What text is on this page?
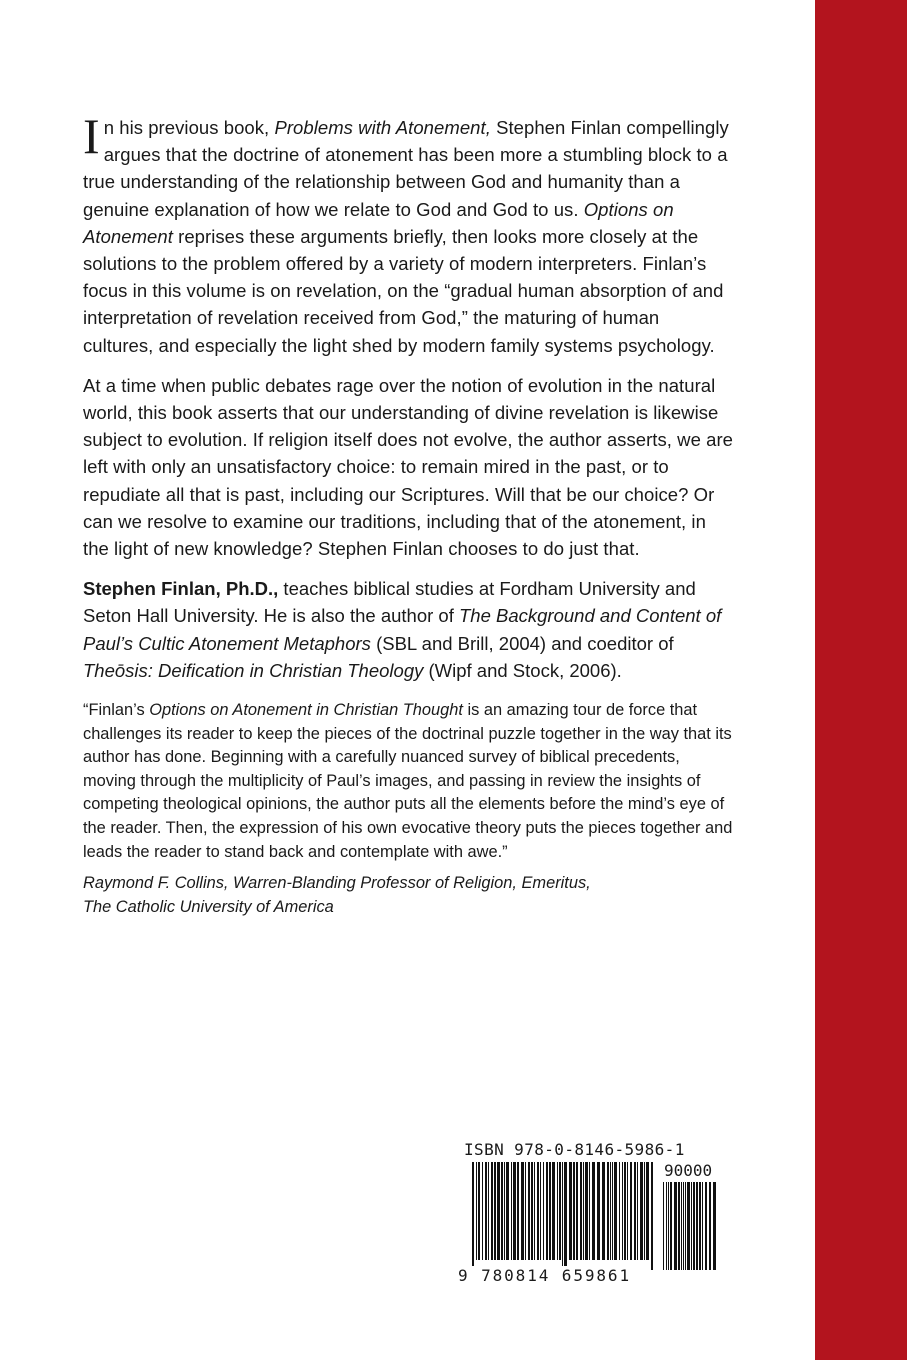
In his previous book, Problems with Atonement, Stephen Finlan compellingly argues that the doctrine of atonement has been more a stumbling block to a true understanding of the relationship between God and humanity than a genuine explanation of how we relate to God and God to us. Options on Atonement reprises these arguments briefly, then looks more closely at the solutions to the problem offered by a variety of modern interpreters. Finlan’s focus in this volume is on revelation, on the “gradual human absorption of and interpretation of revelation received from God,” the maturing of human cultures, and especially the light shed by modern family systems psychology.

At a time when public debates rage over the notion of evolution in the natural world, this book asserts that our understanding of divine revelation is likewise subject to evolution. If religion itself does not evolve, the author asserts, we are left with only an unsatisfactory choice: to remain mired in the past, or to repudiate all that is past, including our Scriptures. Will that be our choice? Or can we resolve to examine our traditions, including that of the atonement, in the light of new knowledge? Stephen Finlan chooses to do just that.

Stephen Finlan, Ph.D., teaches biblical studies at Fordham University and Seton Hall University. He is also the author of The Background and Content of Paul’s Cultic Atonement Metaphors (SBL and Brill, 2004) and coeditor of Theōsis: Deification in Christian Theology (Wipf and Stock, 2006).

“Finlan’s Options on Atonement in Christian Thought is an amazing tour de force that challenges its reader to keep the pieces of the doctrinal puzzle together in the way that its author has done. Beginning with a carefully nuanced survey of biblical precedents, moving through the multiplicity of Paul’s images, and passing in review the insights of competing theological opinions, the author puts all the elements before the mind’s eye of the reader. Then, the expression of his own evocative theory puts the pieces together and leads the reader to stand back and contemplate with awe.”

Raymond F. Collins, Warren-Blanding Professor of Religion, Emeritus,
The Catholic University of America

ISBN 978-0-8146-5986-1
90000
9 780814 659861
